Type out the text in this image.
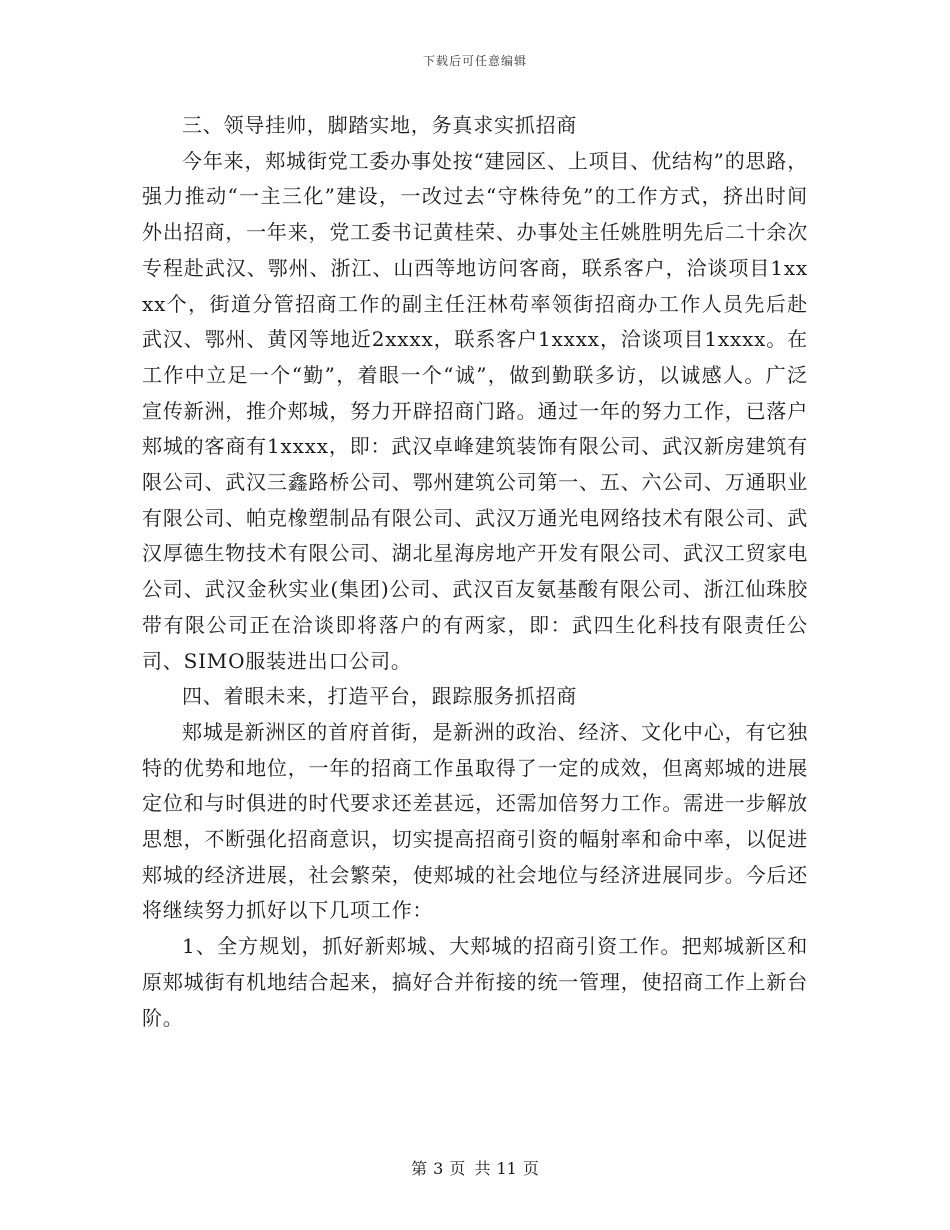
下载后可任意编辑

三、领导挂帅，脚踏实地，务真求实抓招商

今年来，郏城街党工委办事处按“建园区、上项目、优结构”的思路，强力推动“一主三化”建设，一改过去“守株待免”的工作方式，挤出时间外出招商，一年来，党工委书记黄桂荣、办事处主任姚胜明先后二十余次专程赴武汉、鄂州、浙江、山西等地访问客商，联系客户，洽谈项目1xxxx个，街道分管招商工作的副主任汪林苟率领街招商办工作人员先后赴武汉、鄂州、黄冈等地近2xxxx，联系客户1xxxx，洽谈项目1xxxx。在工作中立足一个“勤”，着眼一个“诚”，做到勤联多访，以诚感人。广泛宣传新洲，推介郏城，努力开辟招商门路。通过一年的努力工作，已落户郏城的客商有1xxxx，即：武汉卓峰建筑装饰有限公司、武汉新房建筑有限公司、武汉三鑫路桥公司、鄂州建筑公司第一、五、六公司、万通职业有限公司、帕克橡塑制品有限公司、武汉万通光电网络技术有限公司、武汉厚德生物技术有限公司、湖北星海房地产开发有限公司、武汉工贸家电公司、武汉金秋实业(集团)公司、武汉百友氨基酸有限公司、浙江仙珠胶带有限公司正在洽谈即将落户的有两家，即：武四生化科技有限责任公司、SIMO服装进出口公司。

四、着眼未来，打造平台，跟踪服务抓招商

郏城是新洲区的首府首街，是新洲的政治、经济、文化中心，有它独特的优势和地位，一年的招商工作虽取得了一定的成效，但离郏城的进展定位和与时俱进的时代要求还差甚远，还需加倍努力工作。需进一步解放思想，不断强化招商意识，切实提高招商引资的幅射率和命中率，以促进郏城的经济进展，社会繁荣，使郏城的社会地位与经济进展同步。今后还将继续努力抓好以下几项工作：

1、全方规划，抓好新郏城、大郏城的招商引资工作。把郏城新区和原郏城街有机地结合起来，搞好合并衔接的统一管理，使招商工作上新台阶。

第 3 页 共 11 页
